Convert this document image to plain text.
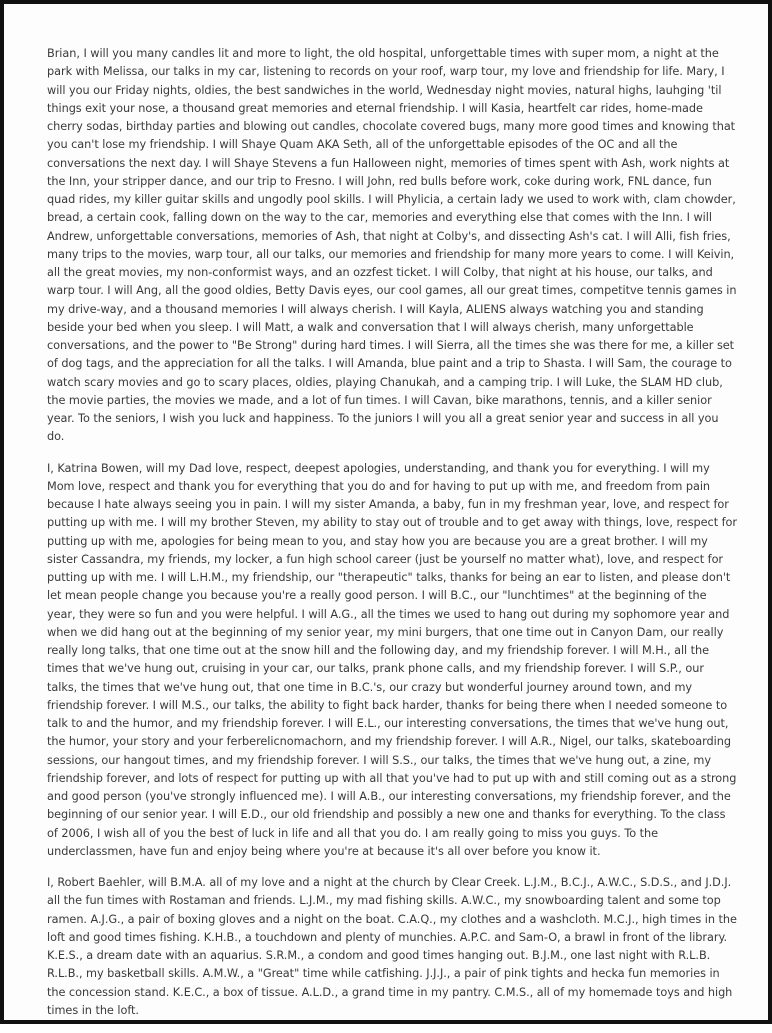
Brian, I will you many candles lit and more to light, the old hospital, unforgettable times with super mom, a night at the park with Melissa, our talks in my car, listening to records on your roof, warp tour, my love and friendship for life. Mary, I will you our Friday nights, oldies, the best sandwiches in the world, Wednesday night movies, natural highs, lauhging 'til things exit your nose, a thousand great memories and eternal friendship. I will Kasia, heartfelt car rides, home-made cherry sodas, birthday parties and blowing out candles, chocolate covered bugs, many more good times and knowing that you can't lose my friendship. I will Shaye Quam AKA Seth, all of the unforgettable episodes of the OC and all the conversations the next day. I will Shaye Stevens a fun Halloween night, memories of times spent with Ash, work nights at the Inn, your stripper dance, and our trip to Fresno. I will John, red bulls before work, coke during work, FNL dance, fun quad rides, my killer guitar skills and ungodly pool skills. I will Phylicia, a certain lady we used to work with, clam chowder, bread, a certain cook, falling down on the way to the car, memories and everything else that comes with the Inn. I will Andrew, unforgettable conversations, memories of Ash, that night at Colby's, and dissecting Ash's cat. I will Alli, fish fries, many trips to the movies, warp tour, all our talks, our memories and friendship for many more years to come. I will Keivin, all the great movies, my non-conformist ways, and an ozzfest ticket. I will Colby, that night at his house, our talks, and warp tour. I will Ang, all the good oldies, Betty Davis eyes, our cool games, all our great times, competitve tennis games in my drive-way, and a thousand memories I will always cherish. I will Kayla, ALIENS always watching you and standing beside your bed when you sleep. I will Matt, a walk and conversation that I will always cherish, many unforgettable conversations, and the power to "Be Strong" during hard times. I will Sierra, all the times she was there for me, a killer set of dog tags, and the appreciation for all the talks. I will Amanda, blue paint and a trip to Shasta. I will Sam, the courage to watch scary movies and go to scary places, oldies, playing Chanukah, and a camping trip. I will Luke, the SLAM HD club, the movie parties, the movies we made, and a lot of fun times. I will Cavan, bike marathons, tennis, and a killer senior year. To the seniors, I wish you luck and happiness. To the juniors I will you all a great senior year and success in all you do.

I, Katrina Bowen, will my Dad love, respect, deepest apologies, understanding, and thank you for everything. I will my Mom love, respect and thank you for everything that you do and for having to put up with me, and freedom from pain because I hate always seeing you in pain. I will my sister Amanda, a baby, fun in my freshman year, love, and respect for putting up with me. I will my brother Steven, my ability to stay out of trouble and to get away with things, love, respect for putting up with me, apologies for being mean to you, and stay how you are because you are a great brother. I will my sister Cassandra, my friends, my locker, a fun high school career (just be yourself no matter what), love, and respect for putting up with me. I will L.H.M., my friendship, our "therapeutic" talks, thanks for being an ear to listen, and please don't let mean people change you because you're a really good person. I will B.C., our "lunchtimes" at the beginning of the year, they were so fun and you were helpful. I will A.G., all the times we used to hang out during my sophomore year and when we did hang out at the beginning of my senior year, my mini burgers, that one time out in Canyon Dam, our really really long talks, that one time out at the snow hill and the following day, and my friendship forever. I will M.H., all the times that we've hung out, cruising in your car, our talks, prank phone calls, and my friendship forever. I will S.P., our talks, the times that we've hung out, that one time in B.C.'s, our crazy but wonderful journey around town, and my friendship forever. I will M.S., our talks, the ability to fight back harder, thanks for being there when I needed someone to talk to and the humor, and my friendship forever. I will E.L., our interesting conversations, the times that we've hung out, the humor, your story and your ferberelicnomachorn, and my friendship forever. I will A.R., Nigel, our talks, skateboarding sessions, our hangout times, and my friendship forever. I will S.S., our talks, the times that we've hung out, a zine, my friendship forever, and lots of respect for putting up with all that you've had to put up with and still coming out as a strong and good person (you've strongly influenced me). I will A.B., our interesting conversations, my friendship forever, and the beginning of our senior year. I will E.D., our old friendship and possibly a new one and thanks for everything. To the class of 2006, I wish all of you the best of luck in life and all that you do. I am really going to miss you guys. To the underclassmen, have fun and enjoy being where you're at because it's all over before you know it.

I, Robert Baehler, will B.M.A. all of my love and a night at the church by Clear Creek. L.J.M., B.C.J., A.W.C., S.D.S., and J.D.J. all the fun times with Rostaman and friends. L.J.M., my mad fishing skills. A.W.C., my snowboarding talent and some top ramen. A.J.G., a pair of boxing gloves and a night on the boat. C.A.Q., my clothes and a washcloth. M.C.J., high times in the loft and good times fishing. K.H.B., a touchdown and plenty of munchies. A.P.C. and Sam-O, a brawl in front of the library. K.E.S., a dream date with an aquarius. S.R.M., a condom and good times hanging out. B.J.M., one last night with R.L.B. R.L.B., my basketball skills. A.M.W., a "Great" time while catfishing. J.J.J., a pair of pink tights and hecka fun memories in the concession stand. K.E.C., a box of tissue. A.L.D., a grand time in my pantry. C.M.S., all of my homemade toys and high times in the loft.
